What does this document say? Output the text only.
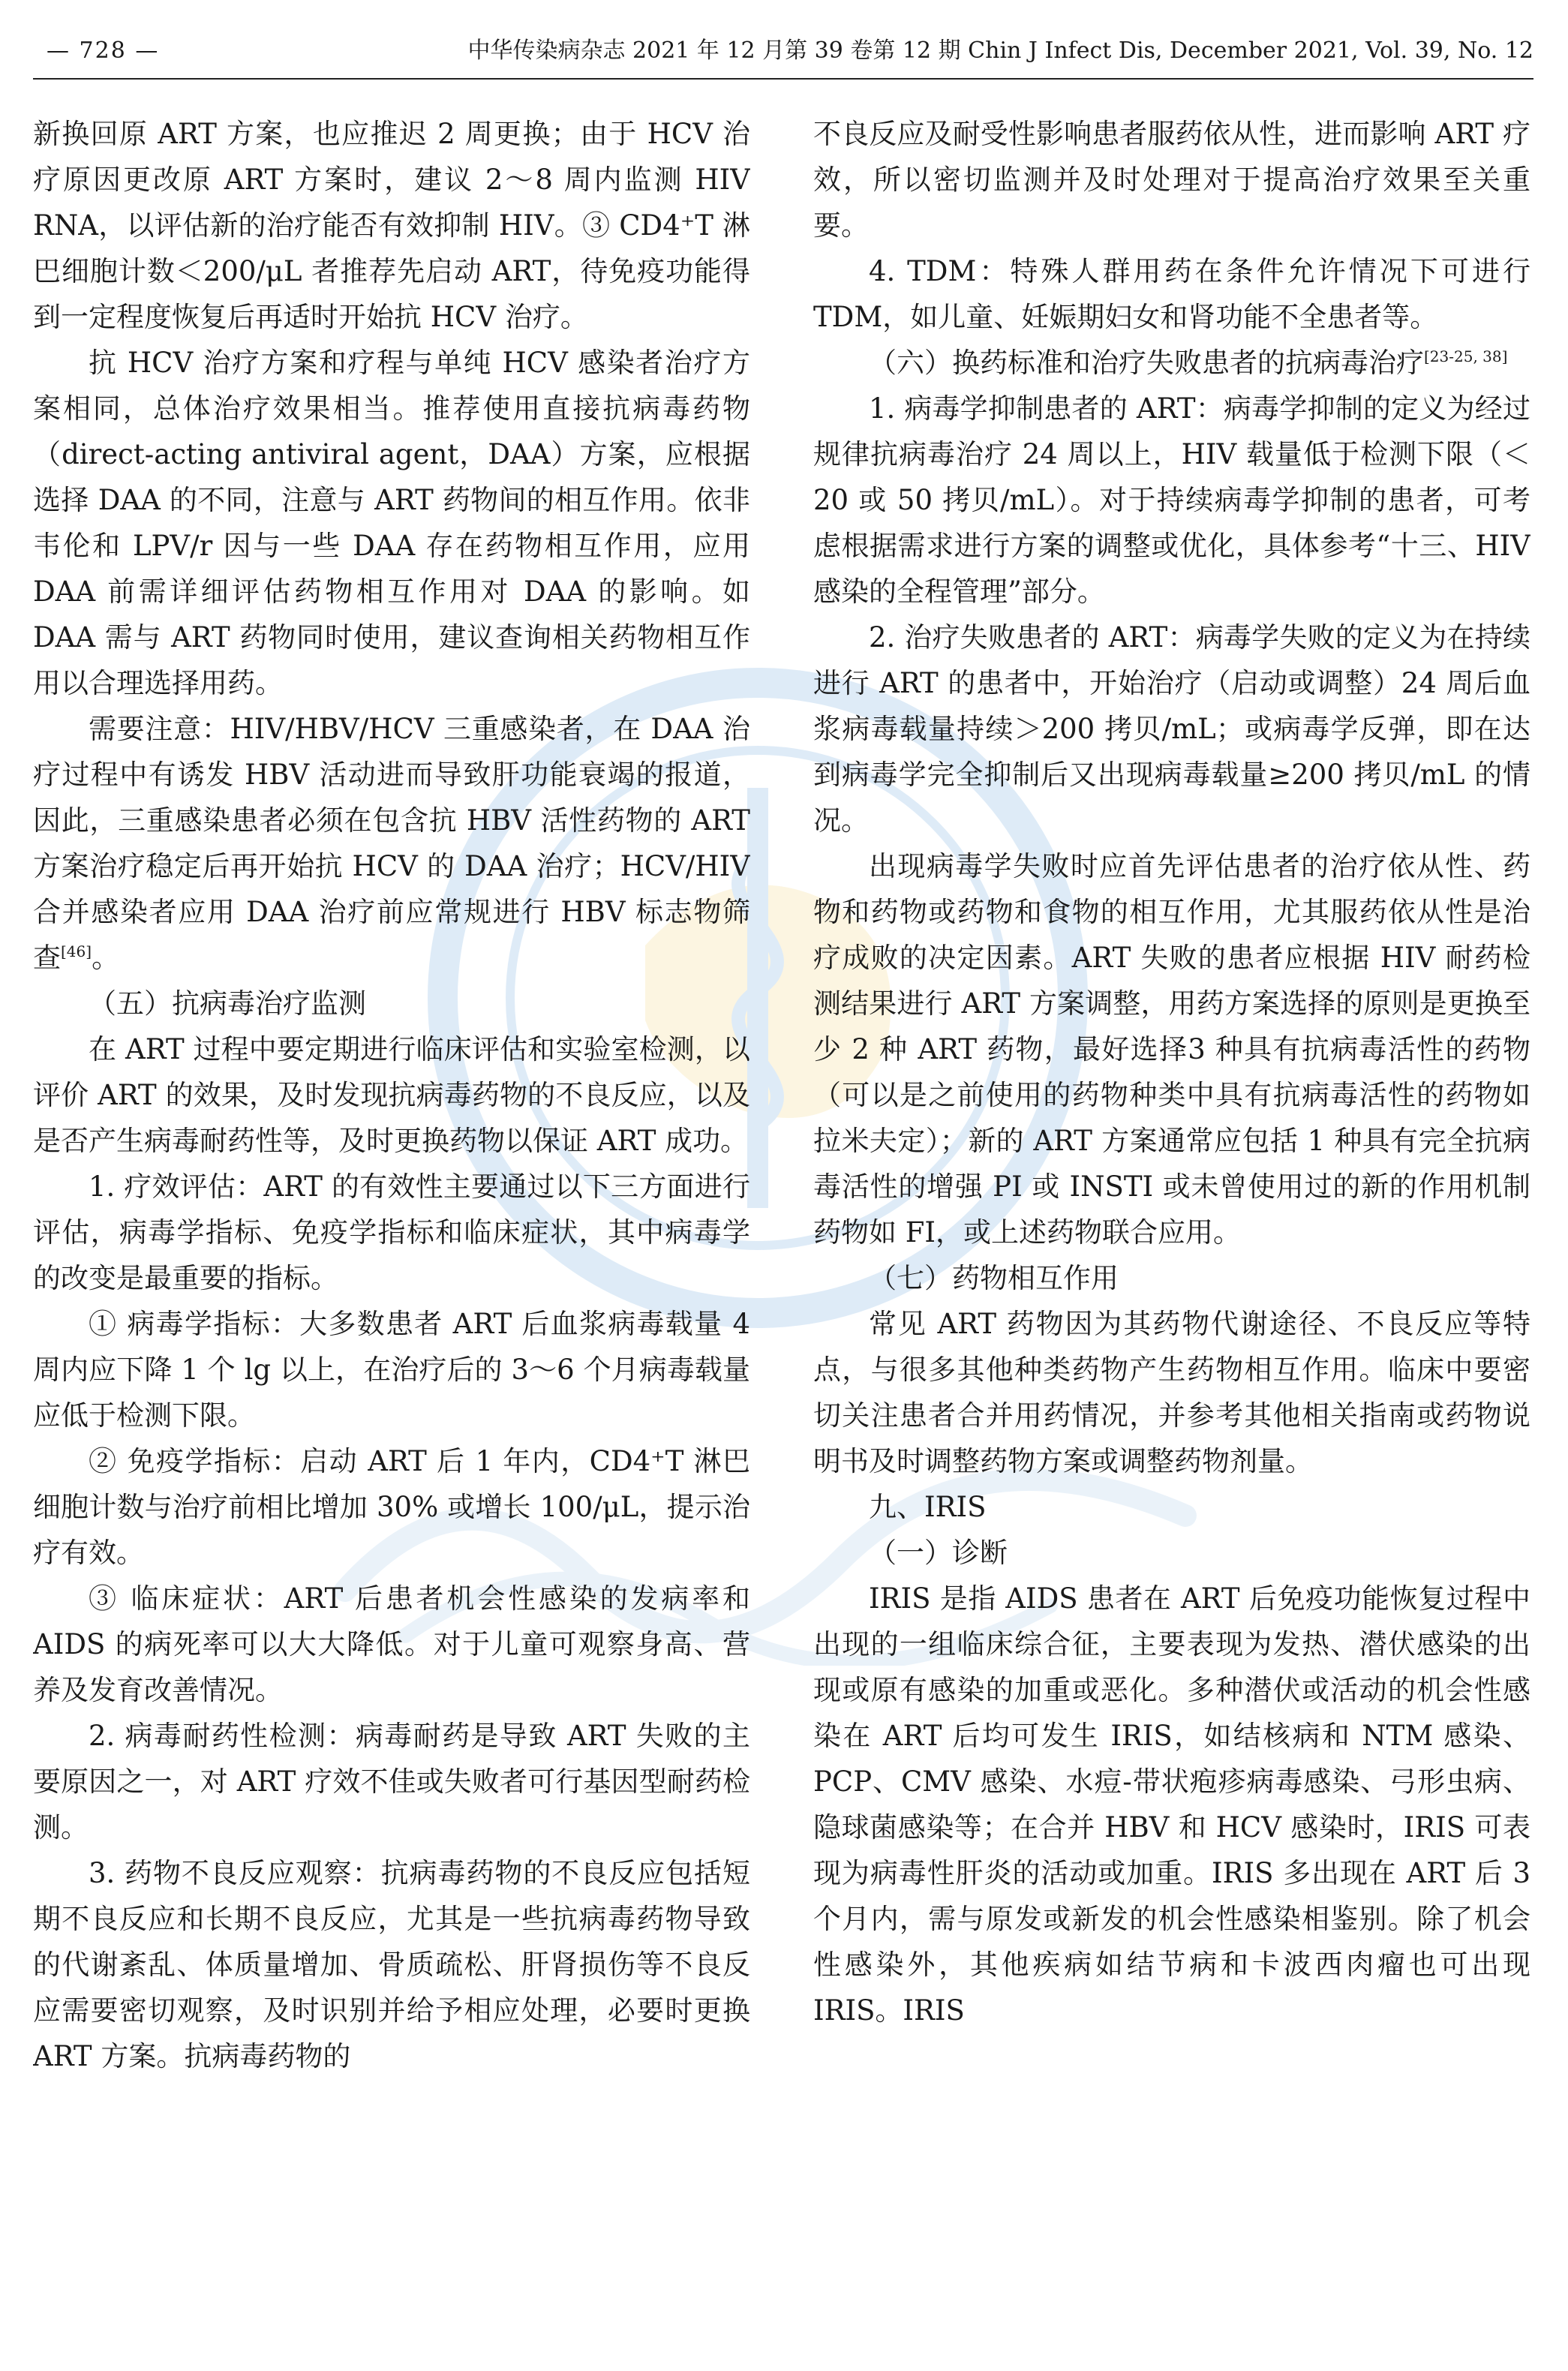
— 728 —	中华传染病杂志 2021 年 12 月第 39 卷第 12 期 Chin J Infect Dis, December 2021, Vol. 39, No. 12

新换回原 ART 方案，也应推迟 2 周更换；由于 HCV 治疗原因更改原 ART 方案时，建议 2～8 周内监测 HIV RNA，以评估新的治疗能否有效抑制 HIV。③ CD4⁺T 淋巴细胞计数＜200/μL 者推荐先启动 ART，待免疫功能得到一定程度恢复后再适时开始抗 HCV 治疗。

抗 HCV 治疗方案和疗程与单纯 HCV 感染者治疗方案相同，总体治疗效果相当。推荐使用直接抗病毒药物（direct-acting antiviral agent，DAA）方案，应根据选择 DAA 的不同，注意与 ART 药物间的相互作用。依非韦伦和 LPV/r 因与一些 DAA 存在药物相互作用，应用 DAA 前需详细评估药物相互作用对 DAA 的影响。如 DAA 需与 ART 药物同时使用，建议查询相关药物相互作用以合理选择用药。

需要注意：HIV/HBV/HCV 三重感染者，在 DAA 治疗过程中有诱发 HBV 活动进而导致肝功能衰竭的报道，因此，三重感染患者必须在包含抗 HBV 活性药物的 ART 方案治疗稳定后再开始抗 HCV 的 DAA 治疗；HCV/HIV 合并感染者应用 DAA 治疗前应常规进行 HBV 标志物筛查[46]。

（五）抗病毒治疗监测

在 ART 过程中要定期进行临床评估和实验室检测，以评价 ART 的效果，及时发现抗病毒药物的不良反应，以及是否产生病毒耐药性等，及时更换药物以保证 ART 成功。

1. 疗效评估：ART 的有效性主要通过以下三方面进行评估，病毒学指标、免疫学指标和临床症状，其中病毒学的改变是最重要的指标。

① 病毒学指标：大多数患者 ART 后血浆病毒载量 4 周内应下降 1 个 lg 以上，在治疗后的 3～6 个月病毒载量应低于检测下限。

② 免疫学指标：启动 ART 后 1 年内，CD4⁺T 淋巴细胞计数与治疗前相比增加 30% 或增长 100/μL，提示治疗有效。

③ 临床症状：ART 后患者机会性感染的发病率和 AIDS 的病死率可以大大降低。对于儿童可观察身高、营养及发育改善情况。

2. 病毒耐药性检测：病毒耐药是导致 ART 失败的主要原因之一，对 ART 疗效不佳或失败者可行基因型耐药检测。

3. 药物不良反应观察：抗病毒药物的不良反应包括短期不良反应和长期不良反应，尤其是一些抗病毒药物导致的代谢紊乱、体质量增加、骨质疏松、肝肾损伤等不良反应需要密切观察，及时识别并给予相应处理，必要时更换 ART 方案。抗病毒药物的

不良反应及耐受性影响患者服药依从性，进而影响 ART 疗效，所以密切监测并及时处理对于提高治疗效果至关重要。

4. TDM：特殊人群用药在条件允许情况下可进行 TDM，如儿童、妊娠期妇女和肾功能不全患者等。

（六）换药标准和治疗失败患者的抗病毒治疗[23-25, 38]

1. 病毒学抑制患者的 ART：病毒学抑制的定义为经过规律抗病毒治疗 24 周以上，HIV 载量低于检测下限（＜20 或 50 拷贝/mL）。对于持续病毒学抑制的患者，可考虑根据需求进行方案的调整或优化，具体参考“十三、HIV 感染的全程管理”部分。

2. 治疗失败患者的 ART：病毒学失败的定义为在持续进行 ART 的患者中，开始治疗（启动或调整）24 周后血浆病毒载量持续＞200 拷贝/mL；或病毒学反弹，即在达到病毒学完全抑制后又出现病毒载量≥200 拷贝/mL 的情况。

出现病毒学失败时应首先评估患者的治疗依从性、药物和药物或药物和食物的相互作用，尤其服药依从性是治疗成败的决定因素。ART 失败的患者应根据 HIV 耐药检测结果进行 ART 方案调整，用药方案选择的原则是更换至少 2 种 ART 药物，最好选择3 种具有抗病毒活性的药物（可以是之前使用的药物种类中具有抗病毒活性的药物如拉米夫定）；新的 ART 方案通常应包括 1 种具有完全抗病毒活性的增强 PI 或 INSTI 或未曾使用过的新的作用机制药物如 FI，或上述药物联合应用。

（七）药物相互作用

常见 ART 药物因为其药物代谢途径、不良反应等特点，与很多其他种类药物产生药物相互作用。临床中要密切关注患者合并用药情况，并参考其他相关指南或药物说明书及时调整药物方案或调整药物剂量。

九、IRIS

（一）诊断

IRIS 是指 AIDS 患者在 ART 后免疫功能恢复过程中出现的一组临床综合征，主要表现为发热、潜伏感染的出现或原有感染的加重或恶化。多种潜伏或活动的机会性感染在 ART 后均可发生 IRIS，如结核病和 NTM 感染、PCP、CMV 感染、水痘-带状疱疹病毒感染、弓形虫病、隐球菌感染等；在合并 HBV 和 HCV 感染时，IRIS 可表现为病毒性肝炎的活动或加重。IRIS 多出现在 ART 后 3 个月内，需与原发或新发的机会性感染相鉴别。除了机会性感染外，其他疾病如结节病和卡波西肉瘤也可出现 IRIS。IRIS
